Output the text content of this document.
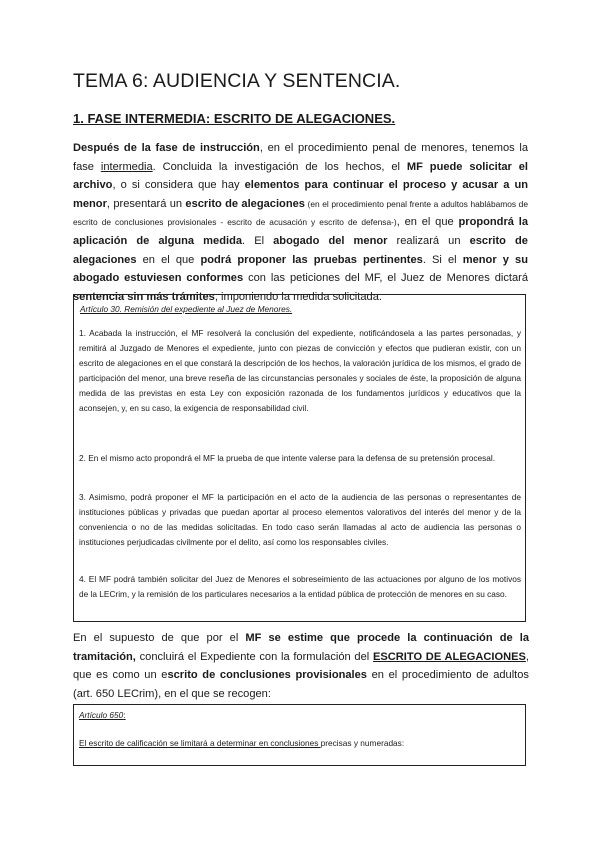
TEMA 6: AUDIENCIA Y SENTENCIA.
1. FASE INTERMEDIA: ESCRITO DE ALEGACIONES.

Después de la fase de instrucción, en el procedimiento penal de menores, tenemos la fase intermedia. Concluida la investigación de los hechos, el MF puede solicitar el archivo, o si considera que hay elementos para continuar el proceso y acusar a un menor, presentará un escrito de alegaciones (en el procedimiento penal frente a adultos hablábamos de escrito de conclusiones provisionales - escrito de acusación y escrito de defensa-), en el que propondrá la aplicación de alguna medida. El abogado del menor realizará un escrito de alegaciones en el que podrá proponer las pruebas pertinentes. Si el menor y su abogado estuviesen conformes con las peticiones del MF, el Juez de Menores dictará sentencia sin más trámites, imponiendo la medida solicitada.

Artículo 30. Remisión del expediente al Juez de Menores.

1. Acabada la instrucción, el MF resolverá la conclusión del expediente, notificándosela a las partes personadas, y remitirá al Juzgado de Menores el expediente, junto con piezas de convicción y efectos que pudieran existir, con un escrito de alegaciones en el que constará la descripción de los hechos, la valoración jurídica de los mismos, el grado de participación del menor, una breve reseña de las circunstancias personales y sociales de éste, la proposición de alguna medida de las previstas en esta Ley con exposición razonada de los fundamentos jurídicos y educativos que la aconsejen, y, en su caso, la exigencia de responsabilidad civil.

2. En el mismo acto propondrá el MF la prueba de que intente valerse para la defensa de su pretensión procesal.

3. Asimismo, podrá proponer el MF la participación en el acto de la audiencia de las personas o representantes de instituciones públicas y privadas que puedan aportar al proceso elementos valorativos del interés del menor y de la conveniencia o no de las medidas solicitadas. En todo caso serán llamadas al acto de audiencia las personas o instituciones perjudicadas civilmente por el delito, así como los responsables civiles.

4. El MF podrá también solicitar del Juez de Menores el sobreseimiento de las actuaciones por alguno de los motivos de la LECrim, y la remisión de los particulares necesarios a la entidad pública de protección de menores en su caso.

En el supuesto de que por el MF se estime que procede la continuación de la tramitación, concluirá el Expediente con la formulación del ESCRITO DE ALEGACIONES, que es como un escrito de conclusiones provisionales en el procedimiento de adultos (art. 650 LECrim), en el que se recogen:

Artículo 650:

El escrito de calificación se limitará a determinar en conclusiones precisas y numeradas:
